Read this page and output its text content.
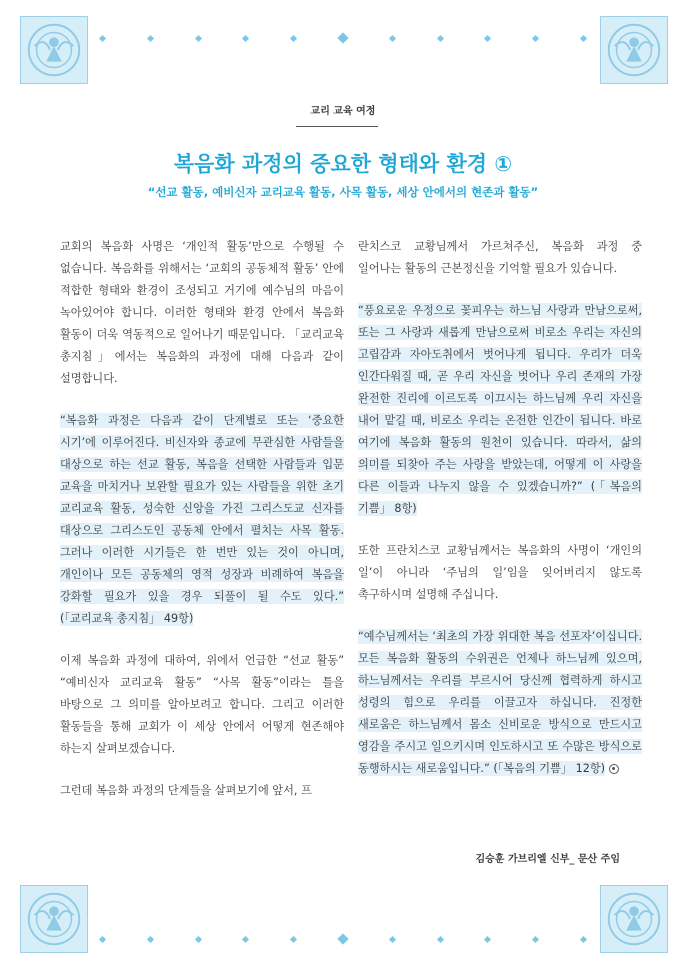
교리 교육 여정
복음화 과정의 중요한 형태와 환경 ①
“선교 활동, 예비신자 교리교육 활동, 사목 활동, 세상 안에서의 현존과 활동”

교회의 복음화 사명은 ‘개인적 활동’만으로 수행될 수 없습니다. 복음화를 위해서는 ‘교회의 공동체적 활동’ 안에 적합한 형태와 환경이 조성되고 거기에 예수님의 마음이 녹아있어야 합니다. 이러한 형태와 환경 안에서 복음화 활동이 더욱 역동적으로 일어나기 때문입니다. 「교리교육 총지침」에서는 복음화의 과정에 대해 다음과 같이 설명합니다.

“복음화 과정은 다음과 같이 단계별로 또는 ‘중요한 시기’에 이루어진다. 비신자와 종교에 무관심한 사람들을 대상으로 하는 선교 활동, 복음을 선택한 사람들과 입문 교육을 마치거나 보완할 필요가 있는 사람들을 위한 초기 교리교육 활동, 성숙한 신앙을 가진 그리스도교 신자를 대상으로 그리스도인 공동체 안에서 펼치는 사목 활동. 그러나 이러한 시기들은 한 번만 있는 것이 아니며, 개인이나 모든 공동체의 영적 성장과 비례하여 복음을 강화할 필요가 있을 경우 되풀이 될 수도 있다.” (「교리교육 총지침」 49항)

이제 복음화 과정에 대하여, 위에서 언급한 “선교 활동” “예비신자 교리교육 활동” “사목 활동”이라는 틀을 바탕으로 그 의미를 알아보려고 합니다. 그리고 이러한 활동들을 통해 교회가 이 세상 안에서 어떻게 현존해야 하는지 살펴보겠습니다.

그런데 복음화 과정의 단계들을 살펴보기에 앞서, 프

란치스코 교황님께서 가르쳐주신, 복음화 과정 중 일어나는 활동의 근본정신을 기억할 필요가 있습니다.

“풍요로운 우정으로 꽃피우는 하느님 사랑과 만남으로써, 또는 그 사랑과 새롭게 만남으로써 비로소 우리는 자신의 고립감과 자아도취에서 벗어나게 됩니다. 우리가 더욱 인간다워질 때, 곧 우리 자신을 벗어나 우리 존재의 가장 완전한 진리에 이르도록 이끄시는 하느님께 우리 자신을 내어 맡길 때, 비로소 우리는 온전한 인간이 됩니다. 바로 여기에 복음화 활동의 원천이 있습니다. 따라서, 삶의 의미를 되찾아 주는 사랑을 받았는데, 어떻게 이 사랑을 다른 이들과 나누지 않을 수 있겠습니까?” (「복음의 기쁨」 8항)

또한 프란치스코 교황님께서는 복음화의 사명이 ‘개인의 일’이 아니라 ‘주님의 일’임을 잊어버리지 않도록 촉구하시며 설명해 주십니다.

“예수님께서는 ‘최초의 가장 위대한 복음 선포자’이십니다. 모든 복음화 활동의 수위권은 언제나 하느님께 있으며, 하느님께서는 우리를 부르시어 당신께 협력하게 하시고 성령의 힘으로 우리를 이끌고자 하십니다. 진정한 새로움은 하느님께서 몸소 신비로운 방식으로 만드시고 영감을 주시고 일으키시며 인도하시고 또 수많은 방식으로 동행하시는 새로움입니다.” (「복음의 기쁨」 12항)

김승훈 가브리엘 신부_ 문산 주임
